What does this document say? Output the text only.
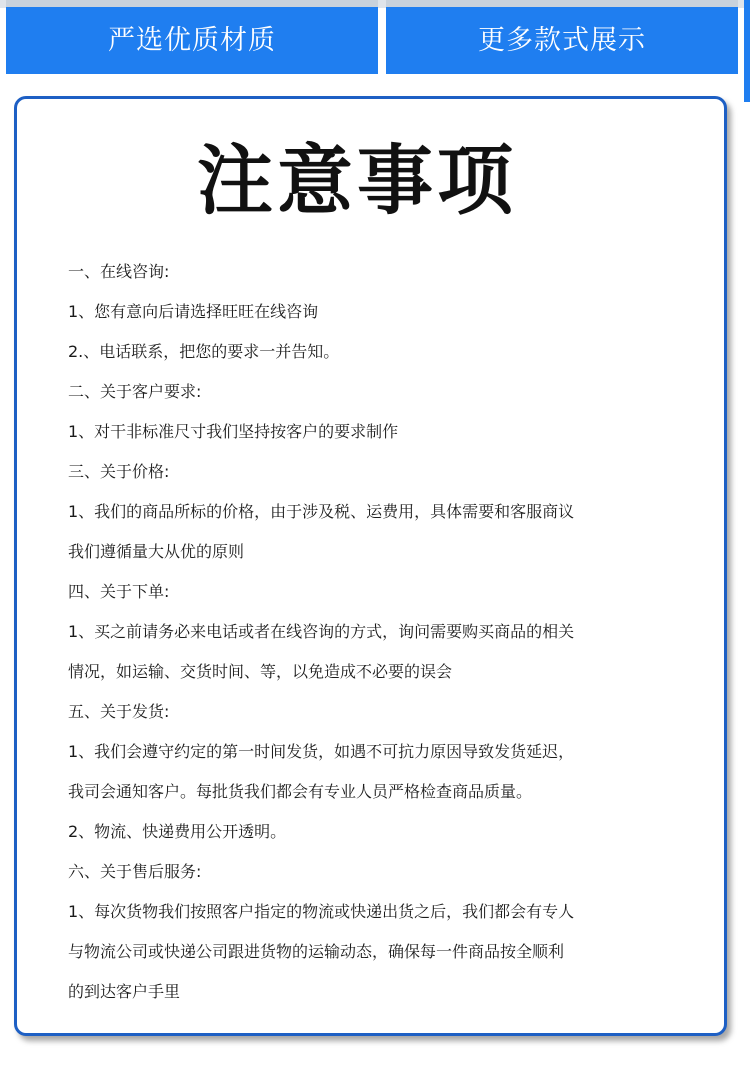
严选优质材质	更多款式展示
注意事项
一、在线咨询:
1、您有意向后请选择旺旺在线咨询
2.、电话联系，把您的要求一并告知。
二、关于客户要求:
1、对干非标准尺寸我们坚持按客户的要求制作
三、关于价格:
1、我们的商品所标的价格，由于涉及税、运费用，具体需要和客服商议
我们遵循量大从优的原则
四、关于下单:
1、买之前请务必来电话或者在线咨询的方式，询问需要购买商品的相关
情况，如运输、交货时间、等，以免造成不必要的误会
五、关于发货:
1、我们会遵守约定的第一时间发货，如遇不可抗力原因导致发货延迟，
我司会通知客户。每批货我们都会有专业人员严格检查商品质量。
2、物流、快递费用公开透明。
六、关于售后服务:
1、每次货物我们按照客户指定的物流或快递出货之后，我们都会有专人
与物流公司或快递公司跟进货物的运输动态，确保每一件商品按全顺利
的到达客户手里
